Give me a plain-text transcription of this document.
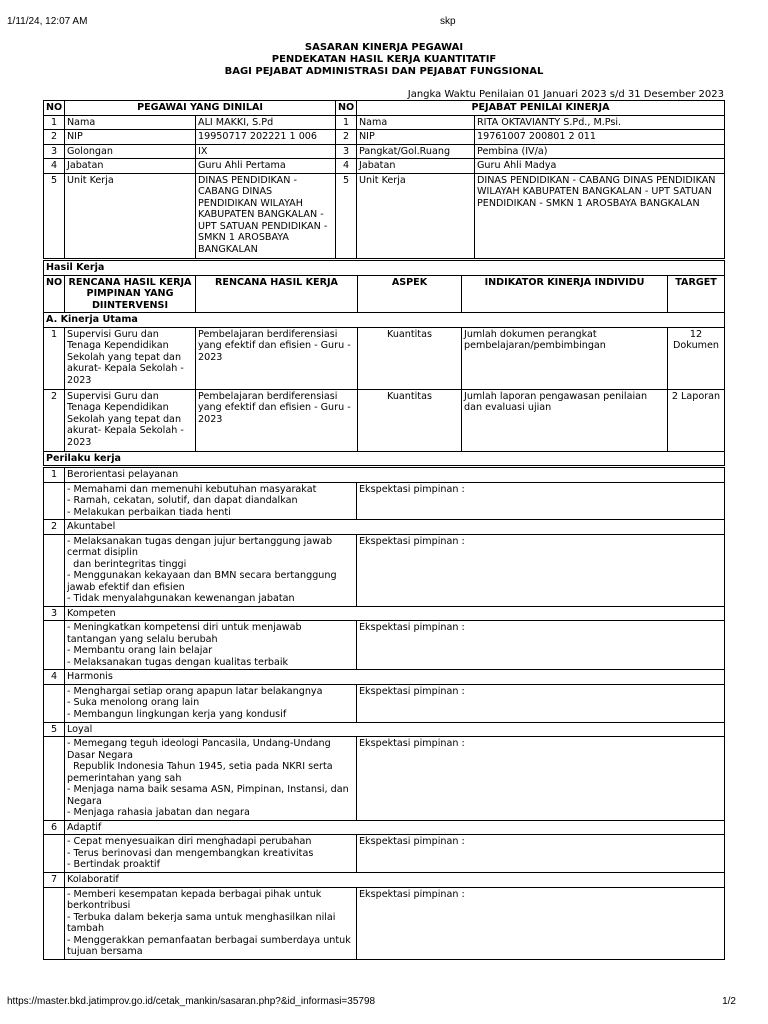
1/11/24, 12:07 AM	skp
SASARAN KINERJA PEGAWAI
PENDEKATAN HASIL KERJA KUANTITATIF
BAGI PEJABAT ADMINISTRASI DAN PEJABAT FUNGSIONAL
Jangka Waktu Penilaian 01 Januari 2023 s/d 31 Desember 2023
NO	PEGAWAI YANG DINILAI		NO	PEJABAT PENILAI KINERJA	
1	Nama	ALI MAKKI, S.Pd	1	Nama	RITA OKTAVIANTY S.Pd., M.Psi.
2	NIP	19950717 202221 1 006	2	NIP	19761007 200801 2 011
3	Golongan	IX	3	Pangkat/Gol.Ruang	Pembina (IV/a)
4	Jabatan	Guru Ahli Pertama	4	Jabatan	Guru Ahli Madya
5	Unit Kerja	DINAS PENDIDIKAN - CABANG DINAS PENDIDIKAN WILAYAH KABUPATEN BANGKALAN - UPT SATUAN PENDIDIKAN - SMKN 1 AROSBAYA BANGKALAN	5	Unit Kerja	DINAS PENDIDIKAN - CABANG DINAS PENDIDIKAN WILAYAH KABUPATEN BANGKALAN - UPT SATUAN PENDIDIKAN - SMKN 1 AROSBAYA BANGKALAN
Hasil Kerja					
NO	RENCANA HASIL KERJA PIMPINAN YANG DIINTERVENSI	RENCANA HASIL KERJA	ASPEK	INDIKATOR KINERJA INDIVIDU	TARGET
A. Kinerja Utama					
1	Supervisi Guru dan Tenaga Kependidikan Sekolah yang tepat dan akurat- Kepala Sekolah - 2023	Pembelajaran berdiferensiasi yang efektif dan efisien - Guru - 2023	Kuantitas	Jumlah dokumen perangkat pembelajaran/pembimbingan	12 Dokumen
2	Supervisi Guru dan Tenaga Kependidikan Sekolah yang tepat dan akurat- Kepala Sekolah - 2023	Pembelajaran berdiferensiasi yang efektif dan efisien - Guru - 2023	Kuantitas	Jumlah laporan pengawasan penilaian dan evaluasi ujian	2 Laporan
Perilaku kerja					
1	Berorientasi pelayanan	

	- Memahami dan memenuhi kebutuhan masyarakat
- Ramah, cekatan, solutif, dan dapat diandalkan
- Melakukan perbaikan tiada henti	Ekspektasi pimpinan :
2	Akuntabel	

	- Melaksanakan tugas dengan jujur bertanggung jawab cermat disiplin
dan berintegritas tinggi
- Menggunakan kekayaan dan BMN secara bertanggung jawab efektif dan efisien
- Tidak menyalahgunakan kewenangan jabatan	Ekspektasi pimpinan :
3	Kompeten	

	- Meningkatkan kompetensi diri untuk menjawab tantangan yang selalu berubah
- Membantu orang lain belajar
- Melaksanakan tugas dengan kualitas terbaik	Ekspektasi pimpinan :
4	Harmonis	

	- Menghargai setiap orang apapun latar belakangnya
- Suka menolong orang lain
- Membangun lingkungan kerja yang kondusif	Ekspektasi pimpinan :
5	Loyal	

	- Memegang teguh ideologi Pancasila, Undang-Undang Dasar Negara
Republik Indonesia Tahun 1945, setia pada NKRI serta pemerintahan yang sah
- Menjaga nama baik sesama ASN, Pimpinan, Instansi, dan Negara
- Menjaga rahasia jabatan dan negara	Ekspektasi pimpinan :
6	Adaptif	

	- Cepat menyesuaikan diri menghadapi perubahan
- Terus berinovasi dan mengembangkan kreativitas
- Bertindak proaktif	Ekspektasi pimpinan :
7	Kolaboratif	

	- Memberi kesempatan kepada berbagai pihak untuk berkontribusi
- Terbuka dalam bekerja sama untuk menghasilkan nilai tambah
- Menggerakkan pemanfaatan berbagai sumberdaya untuk tujuan bersama	Ekspektasi pimpinan :
https://master.bkd.jatimprov.go.id/cetak_mankin/sasaran.php?&id_informasi=35798	1/2
